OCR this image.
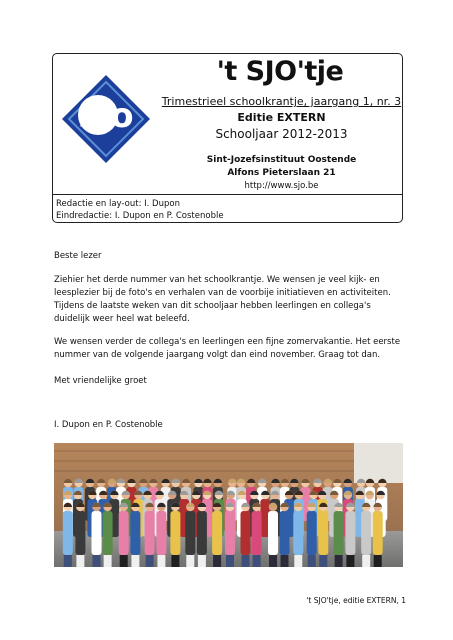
sjo
't SJO'tje
Trimestrieel schoolkrantje, jaargang 1, nr. 3
Editie EXTERN
Schooljaar 2012-2013
Sint-Jozefsinstituut Oostende
Alfons Pieterslaan 21
http://www.sjo.be
Redactie en lay-out: I. Dupon
Eindredactie: I. Dupon en P. Costenoble
Beste lezer
Ziehier het derde nummer van het schoolkrantje. We wensen je veel kijk- en leesplezier bij de foto's en verhalen van de voorbije initiatieven en activiteiten. Tijdens de laatste weken van dit schooljaar hebben leerlingen en collega's duidelijk weer heel wat beleefd.
We wensen verder de collega's en leerlingen een fijne zomervakantie. Het eerste nummer van de volgende jaargang volgt dan eind november. Graag tot dan.
Met vriendelijke groet
I. Dupon en P. Costenoble
't SJO'tje, editie EXTERN, 1
